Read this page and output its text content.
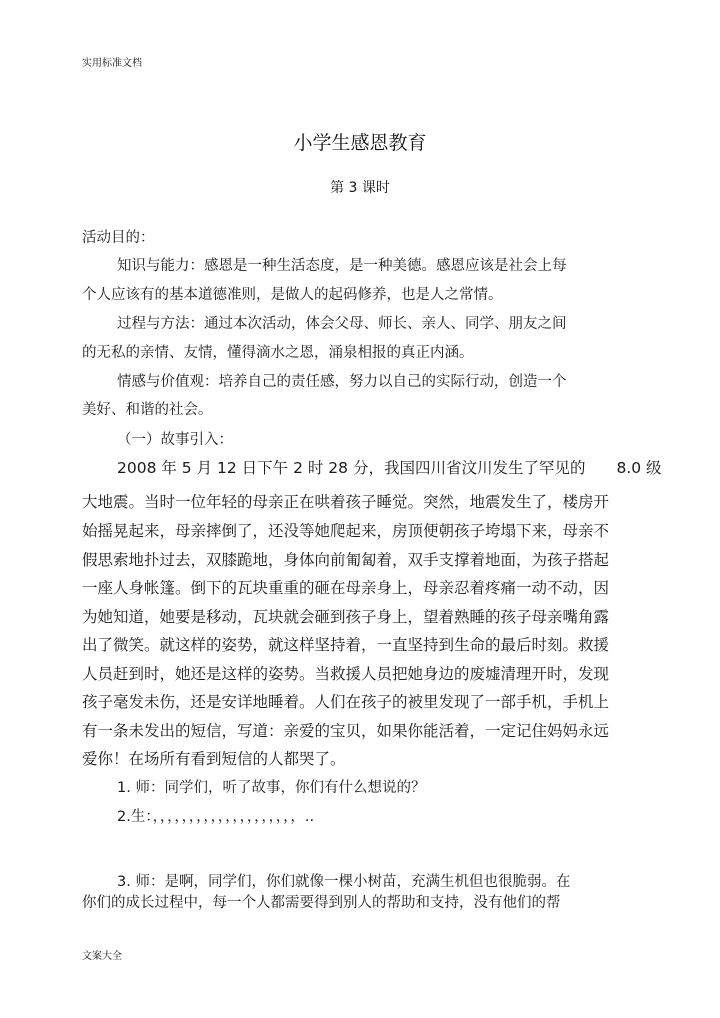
实用标准文档
小学生感恩教育
第 3 课时
活动目的：
知识与能力：感恩是一种生活态度，是一种美德。感恩应该是社会上每
个人应该有的基本道德准则，是做人的起码修养，也是人之常情。
过程与方法：通过本次活动，体会父母、师长、亲人、同学、朋友之间
的无私的亲情、友情，懂得滴水之恩，涌泉相报的真正内涵。
情感与价值观：培养自己的责任感，努力以自己的实际行动，创造一个
美好、和谐的社会。
（一）故事引入：
2008 年 5 月 12 日下午 2 时 28 分，我国四川省汶川发生了罕见的　　8.0 级
大地震。当时一位年轻的母亲正在哄着孩子睡觉。突然，地震发生了，楼房开
始摇晃起来，母亲摔倒了，还没等她爬起来，房顶便朝孩子垮塌下来，母亲不
假思索地扑过去，双膝跪地，身体向前匍匐着，双手支撑着地面，为孩子搭起
一座人身帐篷。倒下的瓦块重重的砸在母亲身上，母亲忍着疼痛一动不动，因
为她知道，她要是移动，瓦块就会砸到孩子身上，望着熟睡的孩子母亲嘴角露
出了微笑。就这样的姿势，就这样坚持着，一直坚持到生命的最后时刻。救援
人员赶到时，她还是这样的姿势。当救援人员把她身边的废墟清理开时，发现
孩子毫发未伤，还是安详地睡着。人们在孩子的被里发现了一部手机，手机上
有一条未发出的短信，写道：亲爱的宝贝，如果你能活着，一定记住妈妈永远
爱你！在场所有看到短信的人都哭了。
1. 师：同学们，听了故事，你们有什么想说的？
2.生：，，，，，，，，，，，，，，，，，，，，..
3. 师：是啊，同学们，你们就像一棵小树苗，充满生机但也很脆弱。在
你们的成长过程中，每一个人都需要得到别人的帮助和支持，没有他们的帮
文案大全
